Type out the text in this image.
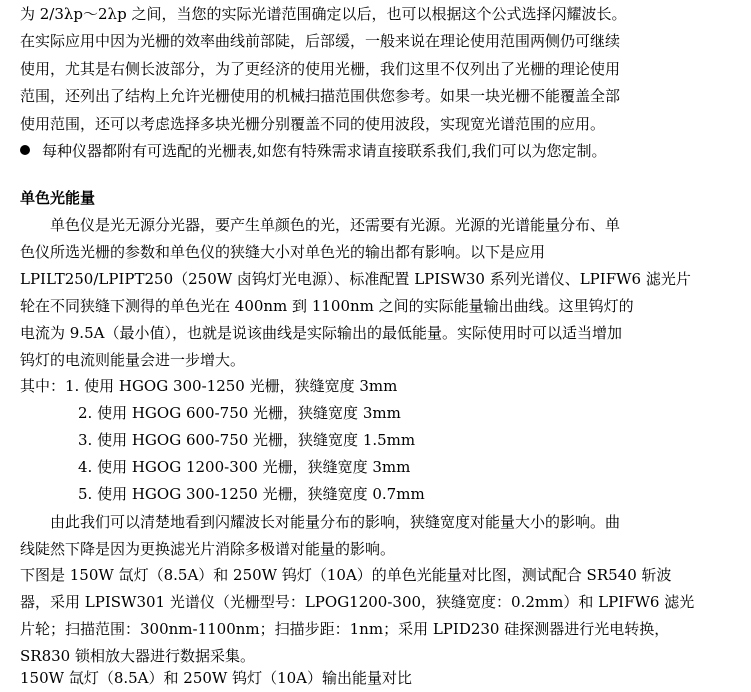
为 2/3λp～2λp 之间，当您的实际光谱范围确定以后，也可以根据这个公式选择闪耀波长。
在实际应用中因为光栅的效率曲线前部陡，后部缓，一般来说在理论使用范围两侧仍可继续
使用，尤其是右侧长波部分，为了更经济的使用光栅，我们这里不仅列出了光栅的理论使用
范围，还列出了结构上允许光栅使用的机械扫描范围供您参考。如果一块光栅不能覆盖全部
使用范围，还可以考虑选择多块光栅分别覆盖不同的使用波段，实现宽光谱范围的应用。
每种仪器都附有可选配的光栅表,如您有特殊需求请直接联系我们,我们可以为您定制。
单色光能量
单色仪是光无源分光器，要产生单颜色的光，还需要有光源。光源的光谱能量分布、单
色仪所选光栅的参数和单色仪的狭缝大小对单色光的输出都有影响。以下是应用
LPILT250/LPIPT250（250W 卤钨灯光电源）、标准配置 LPISW30 系列光谱仪、LPIFW6 滤光片
轮在不同狭缝下测得的单色光在 400nm 到 1100nm 之间的实际能量输出曲线。这里钨灯的
电流为 9.5A（最小值），也就是说该曲线是实际输出的最低能量。实际使用时可以适当增加
钨灯的电流则能量会进一步增大。
其中：1. 使用 HGOG 300-1250 光栅，狭缝宽度 3mm
2. 使用 HGOG 600-750 光栅，狭缝宽度 3mm
3. 使用 HGOG 600-750 光栅，狭缝宽度 1.5mm
4. 使用 HGOG 1200-300 光栅，狭缝宽度 3mm
5. 使用 HGOG 300-1250 光栅，狭缝宽度 0.7mm
由此我们可以清楚地看到闪耀波长对能量分布的影响，狭缝宽度对能量大小的影响。曲
线陡然下降是因为更换滤光片消除多极谱对能量的影响。
下图是 150W 氙灯（8.5A）和 250W 钨灯（10A）的单色光能量对比图，测试配合 SR540 斩波
器，采用 LPISW301 光谱仪（光栅型号：LPOG1200-300，狭缝宽度：0.2mm）和 LPIFW6 滤光
片轮；扫描范围：300nm-1100nm；扫描步距：1nm；采用 LPID230 硅探测器进行光电转换，
SR830 锁相放大器进行数据采集。
150W 氙灯（8.5A）和 250W 钨灯（10A）输出能量对比
